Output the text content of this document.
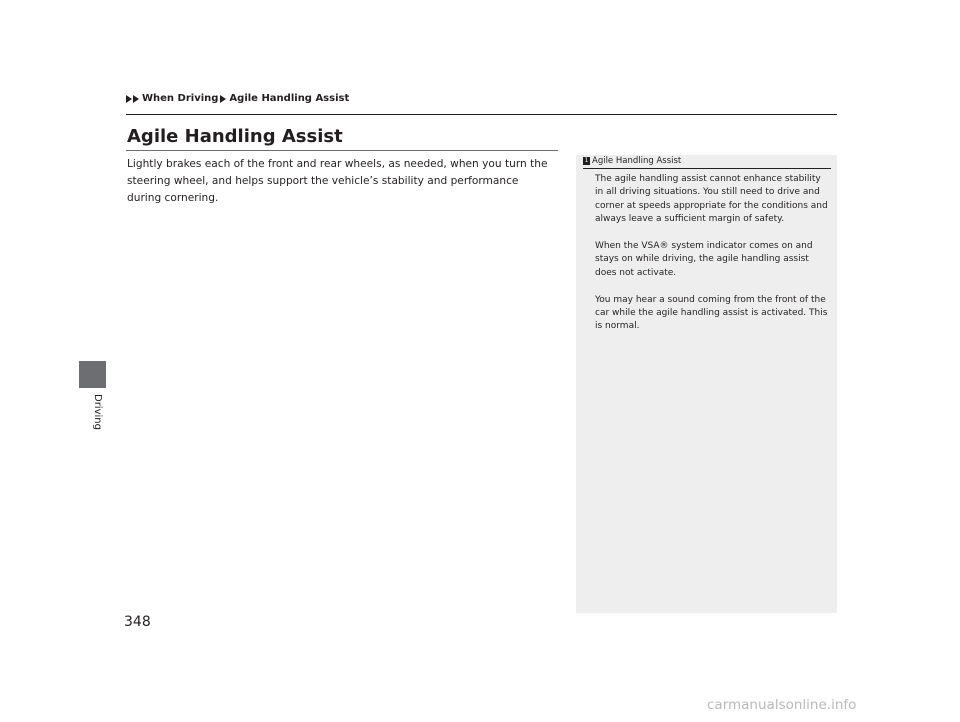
When Driving Agile Handling Assist
Agile Handling Assist

Lightly brakes each of the front and rear wheels, as needed, when you turn the steering wheel, and helps support the vehicle’s stability and performance during cornering.

Driving
1 Agile Handling Assist

The agile handling assist cannot enhance stability in all driving situations. You still need to drive and corner at speeds appropriate for the conditions and always leave a sufficient margin of safety.

When the VSA® system indicator comes on and stays on while driving, the agile handling assist does not activate.

You may hear a sound coming from the front of the car while the agile handling assist is activated. This is normal.

348
carmanualsonline.info
